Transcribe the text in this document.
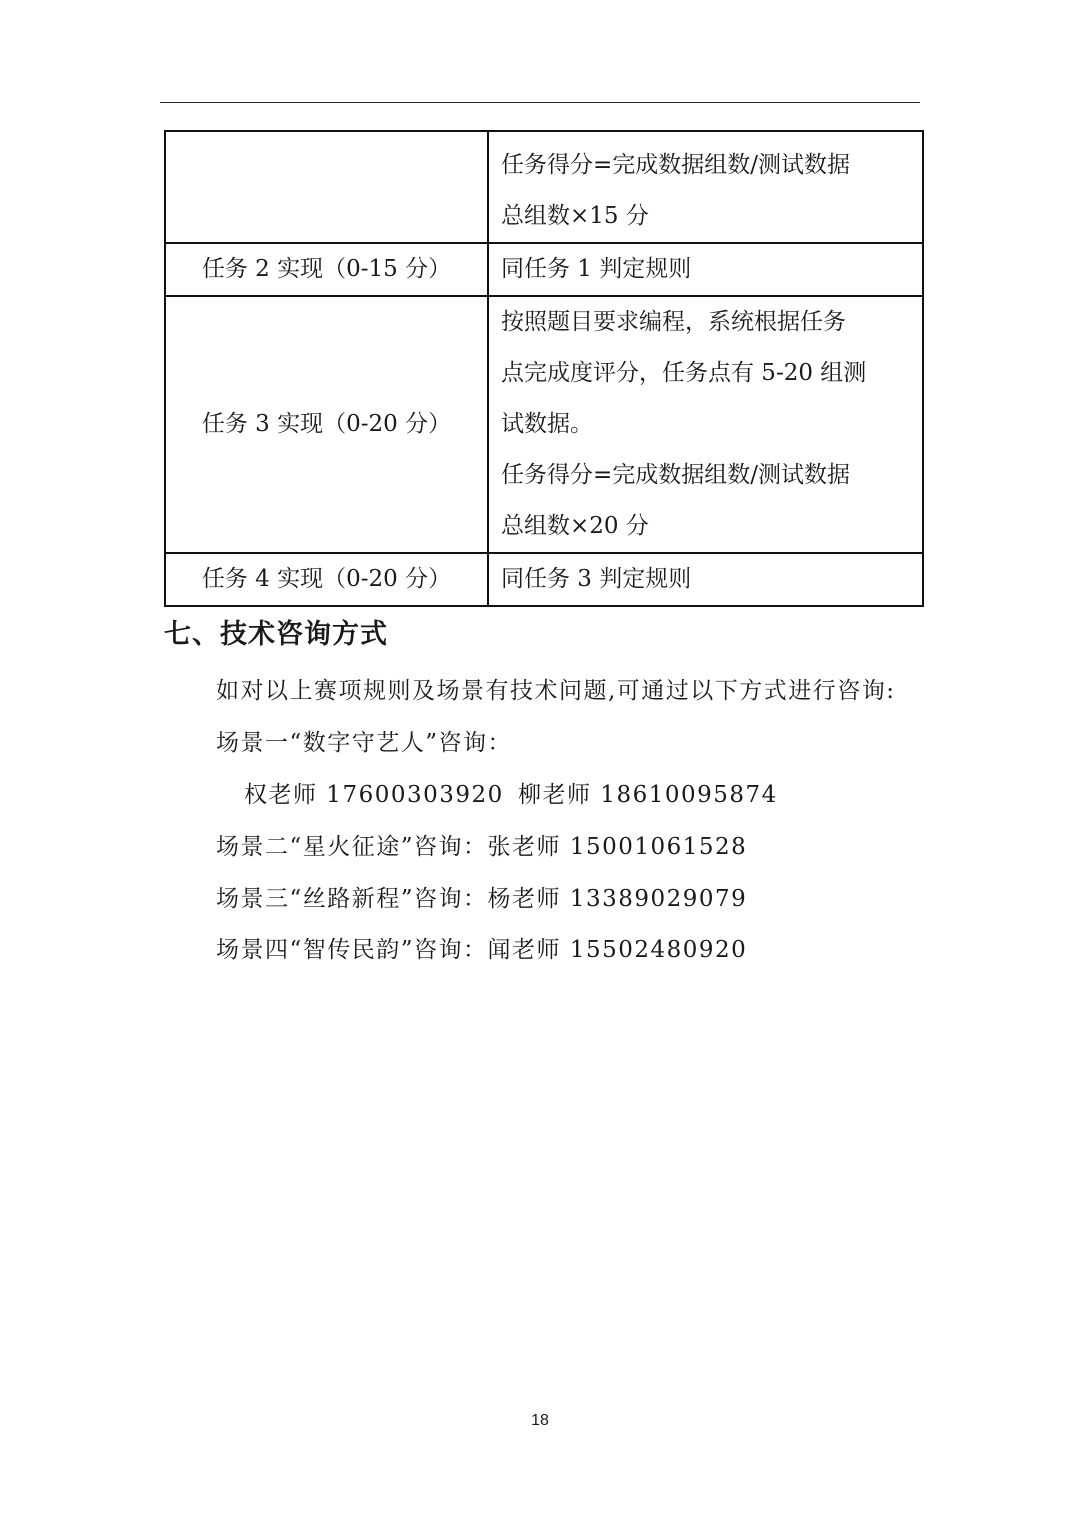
	任务得分=完成数据组数/测试数据
总组数×15 分

任务 2 实现（0-15 分）	同任务 1 判定规则

任务 3 实现（0-20 分）	按照题目要求编程，系统根据任务
点完成度评分，任务点有 5-20 组测
试数据。
任务得分=完成数据组数/测试数据
总组数×20 分

任务 4 实现（0-20 分）	同任务 3 判定规则
七、技术咨询方式
如对以上赛项规则及场景有技术问题,可通过以下方式进行咨询:
场景一“数字守艺人”咨询：
权老师 17600303920 柳老师 18610095874
场景二“星火征途”咨询：张老师 15001061528
场景三“丝路新程”咨询：杨老师 13389029079
场景四“智传民韵”咨询：闻老师 15502480920
18
